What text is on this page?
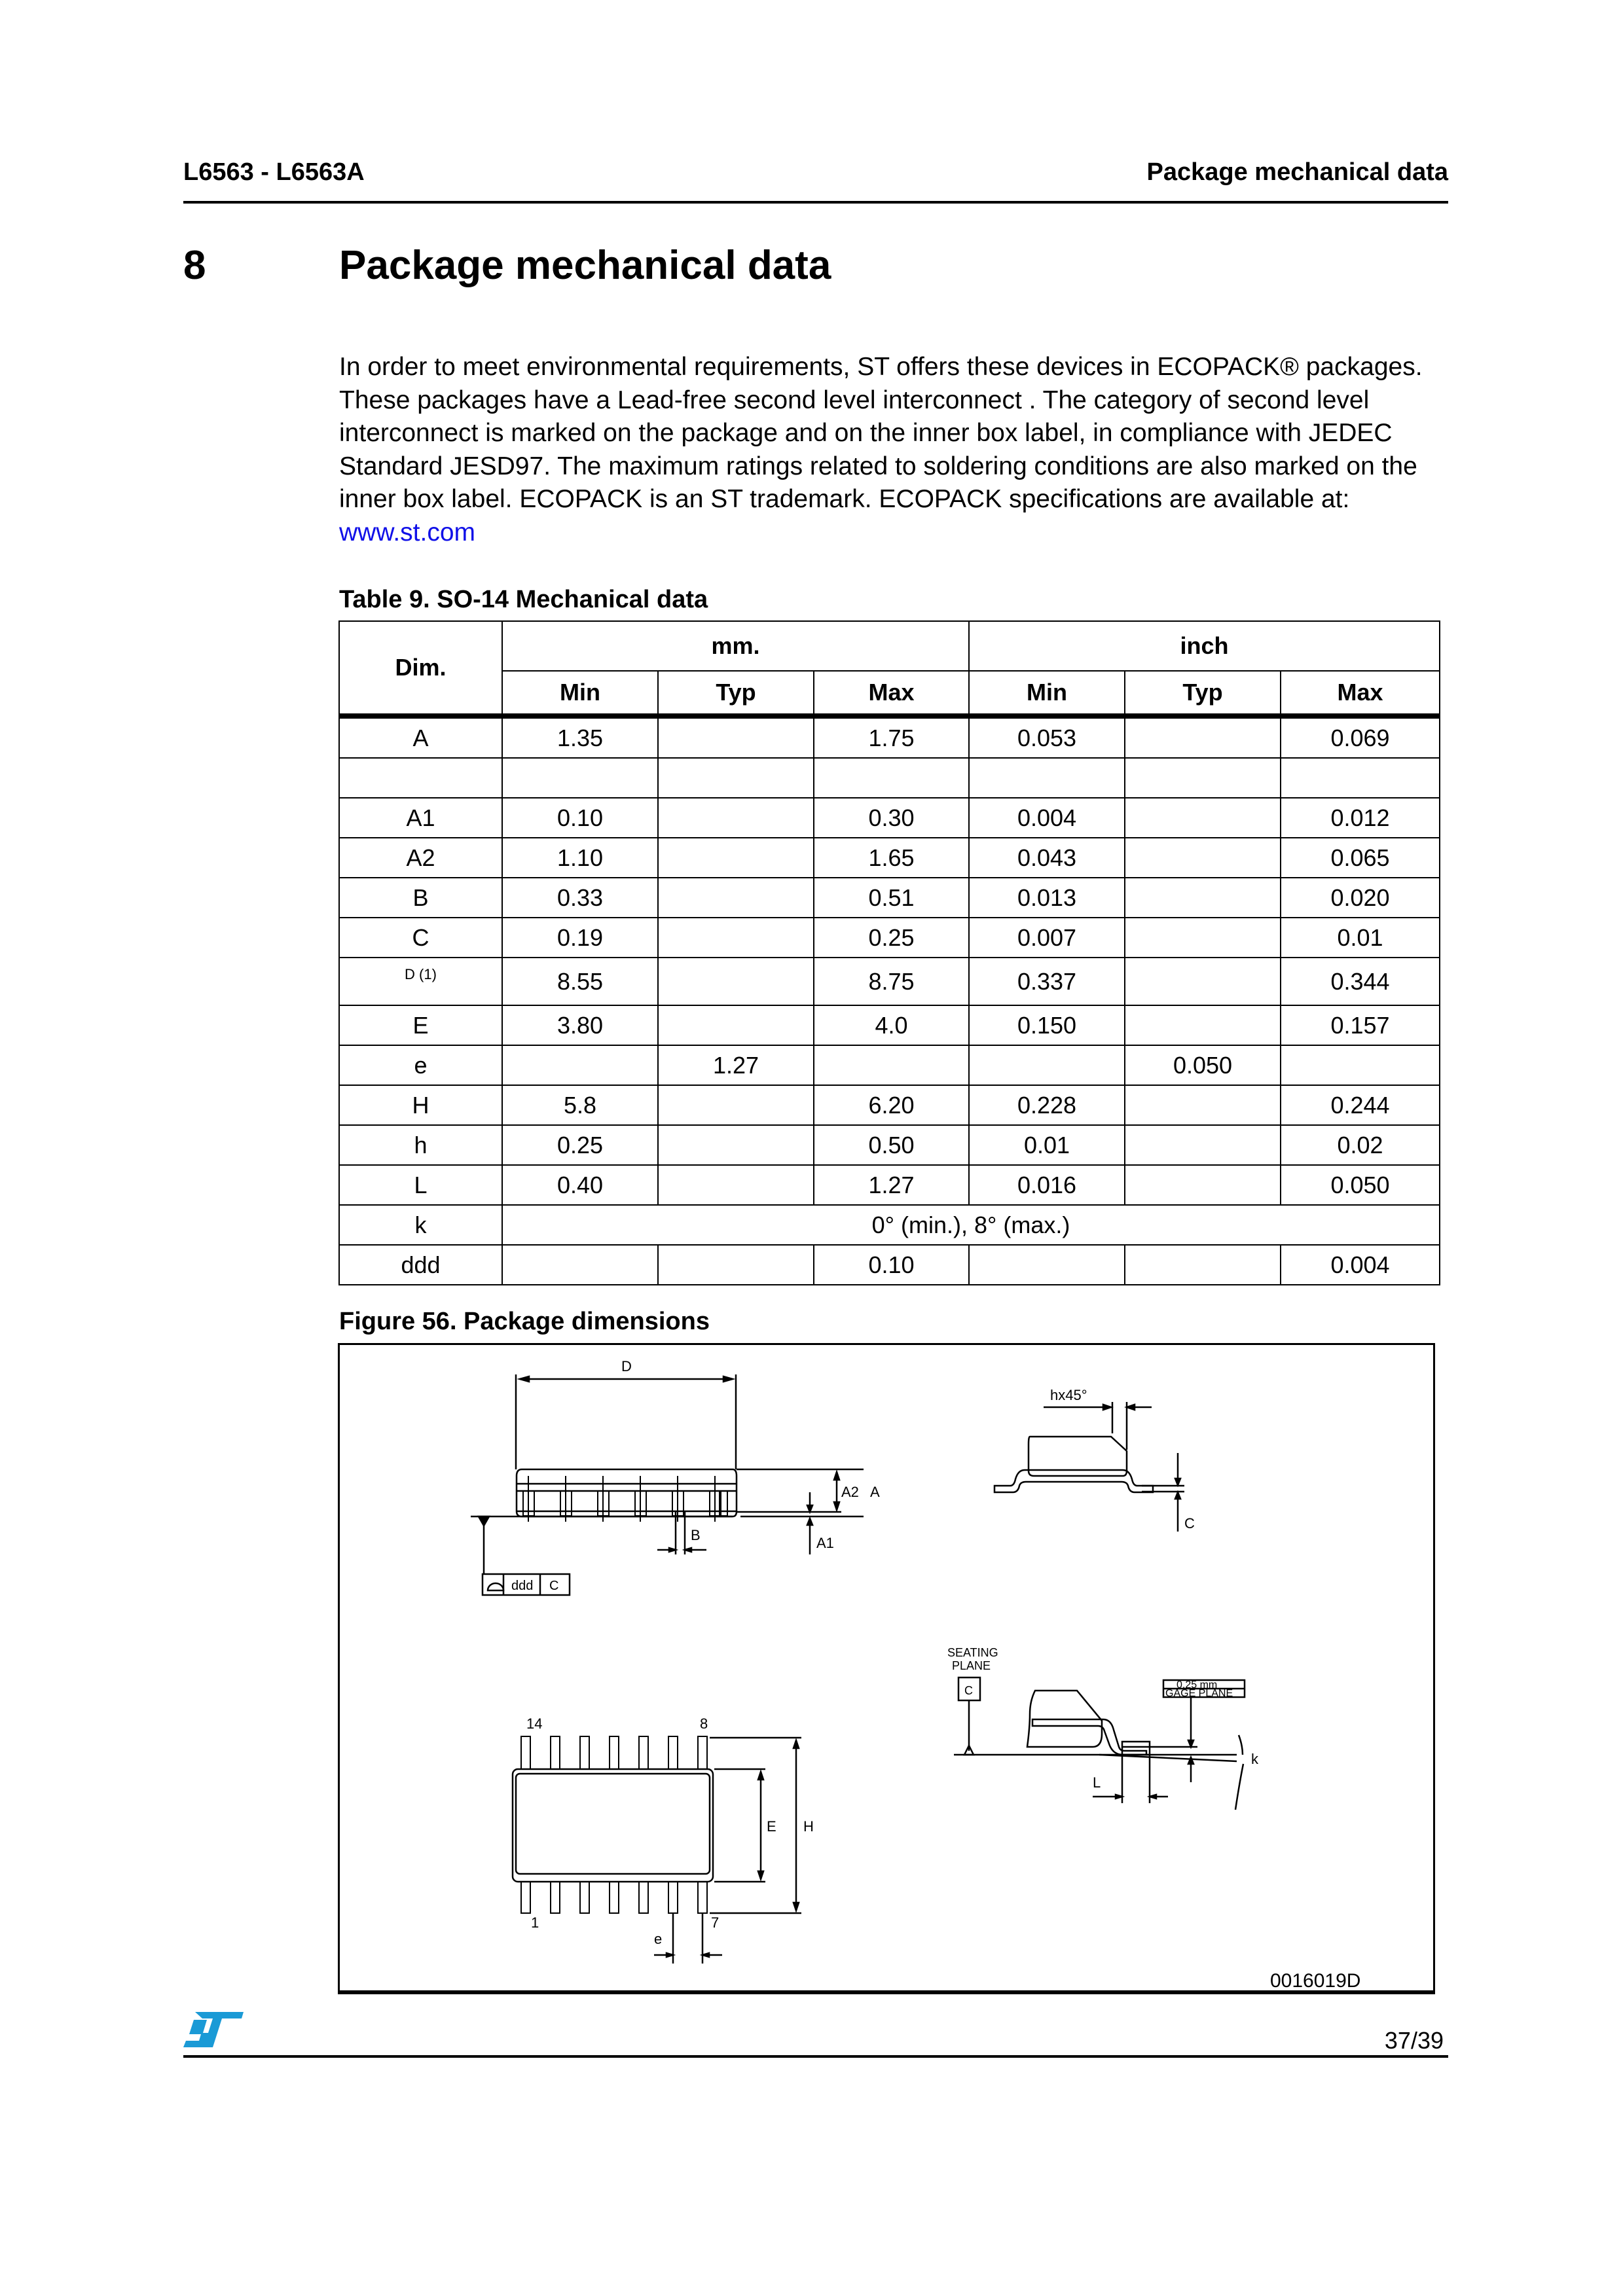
L6563 - L6563A	Package mechanical data
8	Package mechanical data
In order to meet environmental requirements, ST offers these devices in ECOPACK® packages. These packages have a Lead-free second level interconnect . The category of second level interconnect is marked on the package and on the inner box label, in compliance with JEDEC Standard JESD97. The maximum ratings related to soldering conditions are also marked on the inner box label. ECOPACK is an ST trademark. ECOPACK specifications are available at: www.st.com
Table 9. SO-14 Mechanical data
Dim.	mm.			inch		
	Min	Typ	Max	Min	Typ	Max
A	1.35		1.75	0.053		0.069

A1	0.10		0.30	0.004		0.012
A2	1.10		1.65	0.043		0.065
B	0.33		0.51	0.013		0.020
C	0.19		0.25	0.007		0.01
D (1)	8.55		8.75	0.337		0.344
E	3.80		4.0	0.150		0.157
e		1.27			0.050	
H	5.8		6.20	0.228		0.244
h	0.25		0.50	0.01		0.02
L	0.40		1.27	0.016		0.050
k	0° (min.), 8° (max.)					
ddd			0.10			0.004
Figure 56. Package dimensions
A2 A
A1
B
D
ddd C
hx45°
C
14	8
1	7
E H
e
SEATING
PLANE
C
L
0,25 mm
GAGE PLANE
k
0016019D
37/39
